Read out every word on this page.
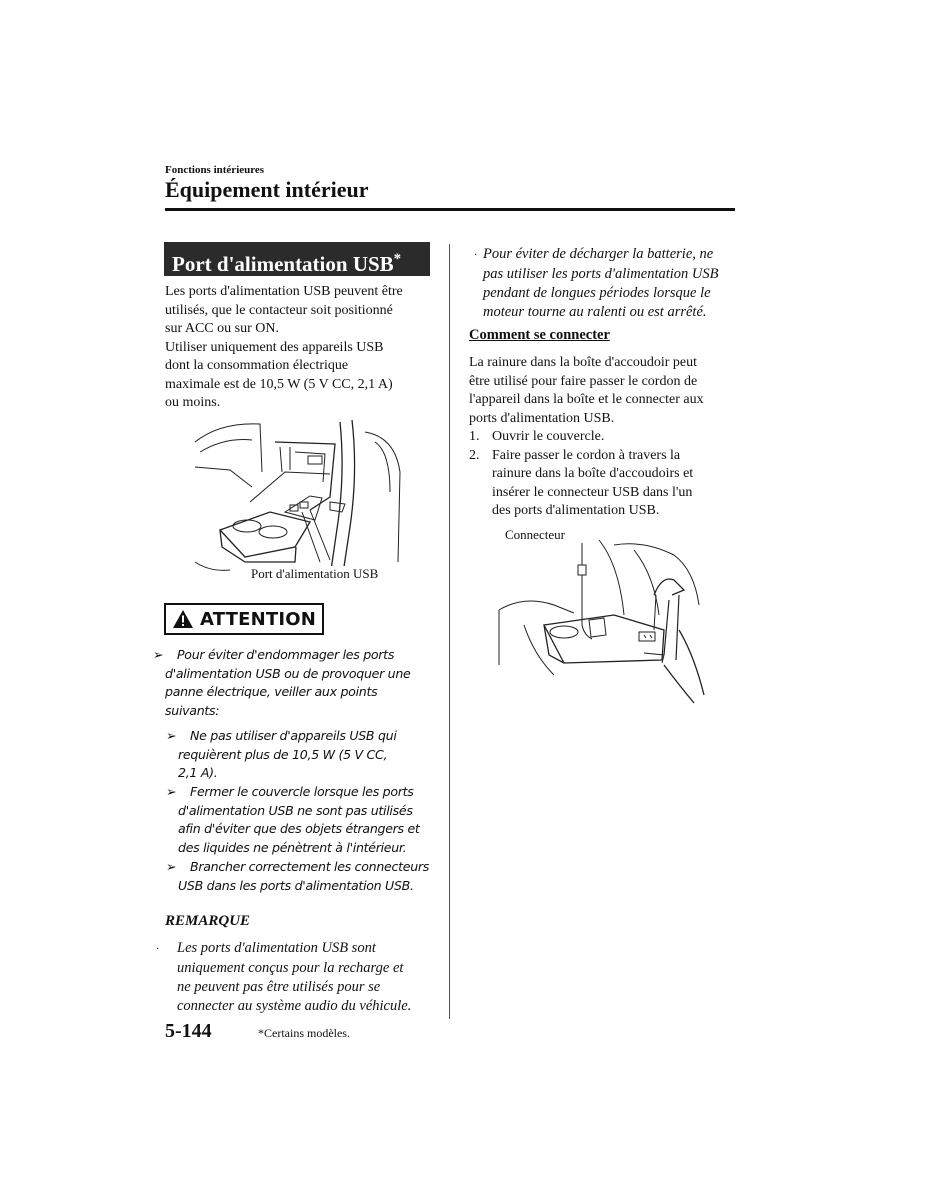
Fonctions intérieures
Équipement intérieur
Port d'alimentation USB*
Les ports d'alimentation USB peuvent être
utilisés, que le contacteur soit positionné
sur ACC ou sur ON.
Utiliser uniquement des appareils USB
dont la consommation électrique
maximale est de 10,5 W (5 V CC, 2,1 A)
ou moins.
Port d'alimentation USB
ATTENTION
➢ Pour éviter d'endommager les ports
d'alimentation USB ou de provoquer une
panne électrique, veiller aux points
suivants:
➢ Ne pas utiliser d'appareils USB qui
requièrent plus de 10,5 W (5 V CC,
2,1 A).
➢ Fermer le couvercle lorsque les ports
d'alimentation USB ne sont pas utilisés
afin d'éviter que des objets étrangers et
des liquides ne pénètrent à l'intérieur.
➢ Brancher correctement les connecteurs
USB dans les ports d'alimentation USB.
REMARQUE
· Les ports d'alimentation USB sont
uniquement conçus pour la recharge et
ne peuvent pas être utilisés pour se
connecter au système audio du véhicule.
· Pour éviter de décharger la batterie, ne
pas utiliser les ports d'alimentation USB
pendant de longues périodes lorsque le
moteur tourne au ralenti ou est arrêté.
Comment se connecter
La rainure dans la boîte d'accoudoir peut
être utilisé pour faire passer le cordon de
l'appareil dans la boîte et le connecter aux
ports d'alimentation USB.
1. Ouvrir le couvercle.
2. Faire passer le cordon à travers la
rainure dans la boîte d'accoudoirs et
insérer le connecteur USB dans l'un
des ports d'alimentation USB.
Connecteur
5-144	*Certains modèles.
